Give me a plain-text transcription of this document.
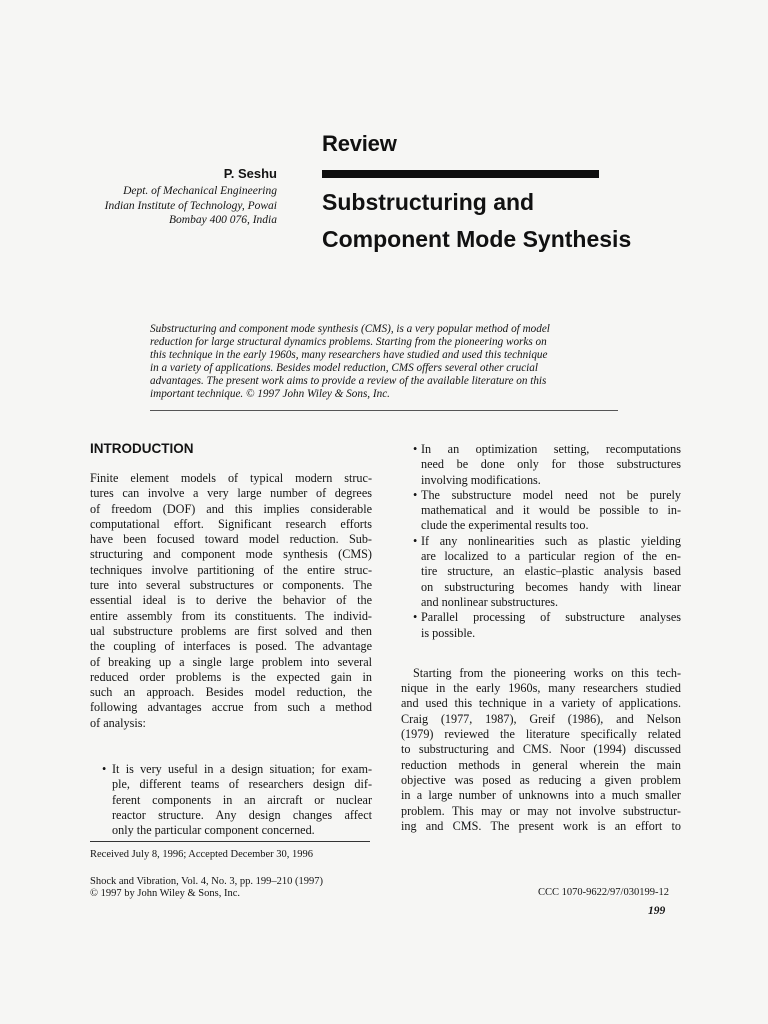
Review
P. Seshu
Dept. of Mechanical Engineering
Indian Institute of Technology, Powai
Bombay 400 076, India
Substructuring and
Component Mode Synthesis
Substructuring and component mode synthesis (CMS), is a very popular method of model
reduction for large structural dynamics problems. Starting from the pioneering works on
this technique in the early 1960s, many researchers have studied and used this technique
in a variety of applications. Besides model reduction, CMS offers several other crucial
advantages. The present work aims to provide a review of the available literature on this
important technique. © 1997 John Wiley & Sons, Inc.
INTRODUCTION
Finite element models of typical modern struc-
tures can involve a very large number of degrees
of freedom (DOF) and this implies considerable
computational effort. Significant research efforts
have been focused toward model reduction. Sub-
structuring and component mode synthesis (CMS)
techniques involve partitioning of the entire struc-
ture into several substructures or components. The
essential ideal is to derive the behavior of the
entire assembly from its constituents. The individ-
ual substructure problems are first solved and then
the coupling of interfaces is posed. The advantage
of breaking up a single large problem into several
reduced order problems is the expected gain in
such an approach. Besides model reduction, the
following advantages accrue from such a method
of analysis:
• It is very useful in a design situation; for exam-
ple, different teams of researchers design dif-
ferent components in an aircraft or nuclear
reactor structure. Any design changes affect
only the particular component concerned.
• In an optimization setting, recomputations
need be done only for those substructures
involving modifications.
• The substructure model need not be purely
mathematical and it would be possible to in-
clude the experimental results too.
• If any nonlinearities such as plastic yielding
are localized to a particular region of the en-
tire structure, an elastic–plastic analysis based
on substructuring becomes handy with linear
and nonlinear substructures.
• Parallel processing of substructure analyses
is possible.
Starting from the pioneering works on this tech-
nique in the early 1960s, many researchers studied
and used this technique in a variety of applications.
Craig (1977, 1987), Greif (1986), and Nelson
(1979) reviewed the literature specifically related
to substructuring and CMS. Noor (1994) discussed
reduction methods in general wherein the main
objective was posed as reducing a given problem
in a large number of unknowns into a much smaller
problem. This may or may not involve substructur-
ing and CMS. The present work is an effort to
Received July 8, 1996; Accepted December 30, 1996
Shock and Vibration, Vol. 4, No. 3, pp. 199–210 (1997)
© 1997 by John Wiley & Sons, Inc.	CCC 1070-9622/97/030199-12
199
